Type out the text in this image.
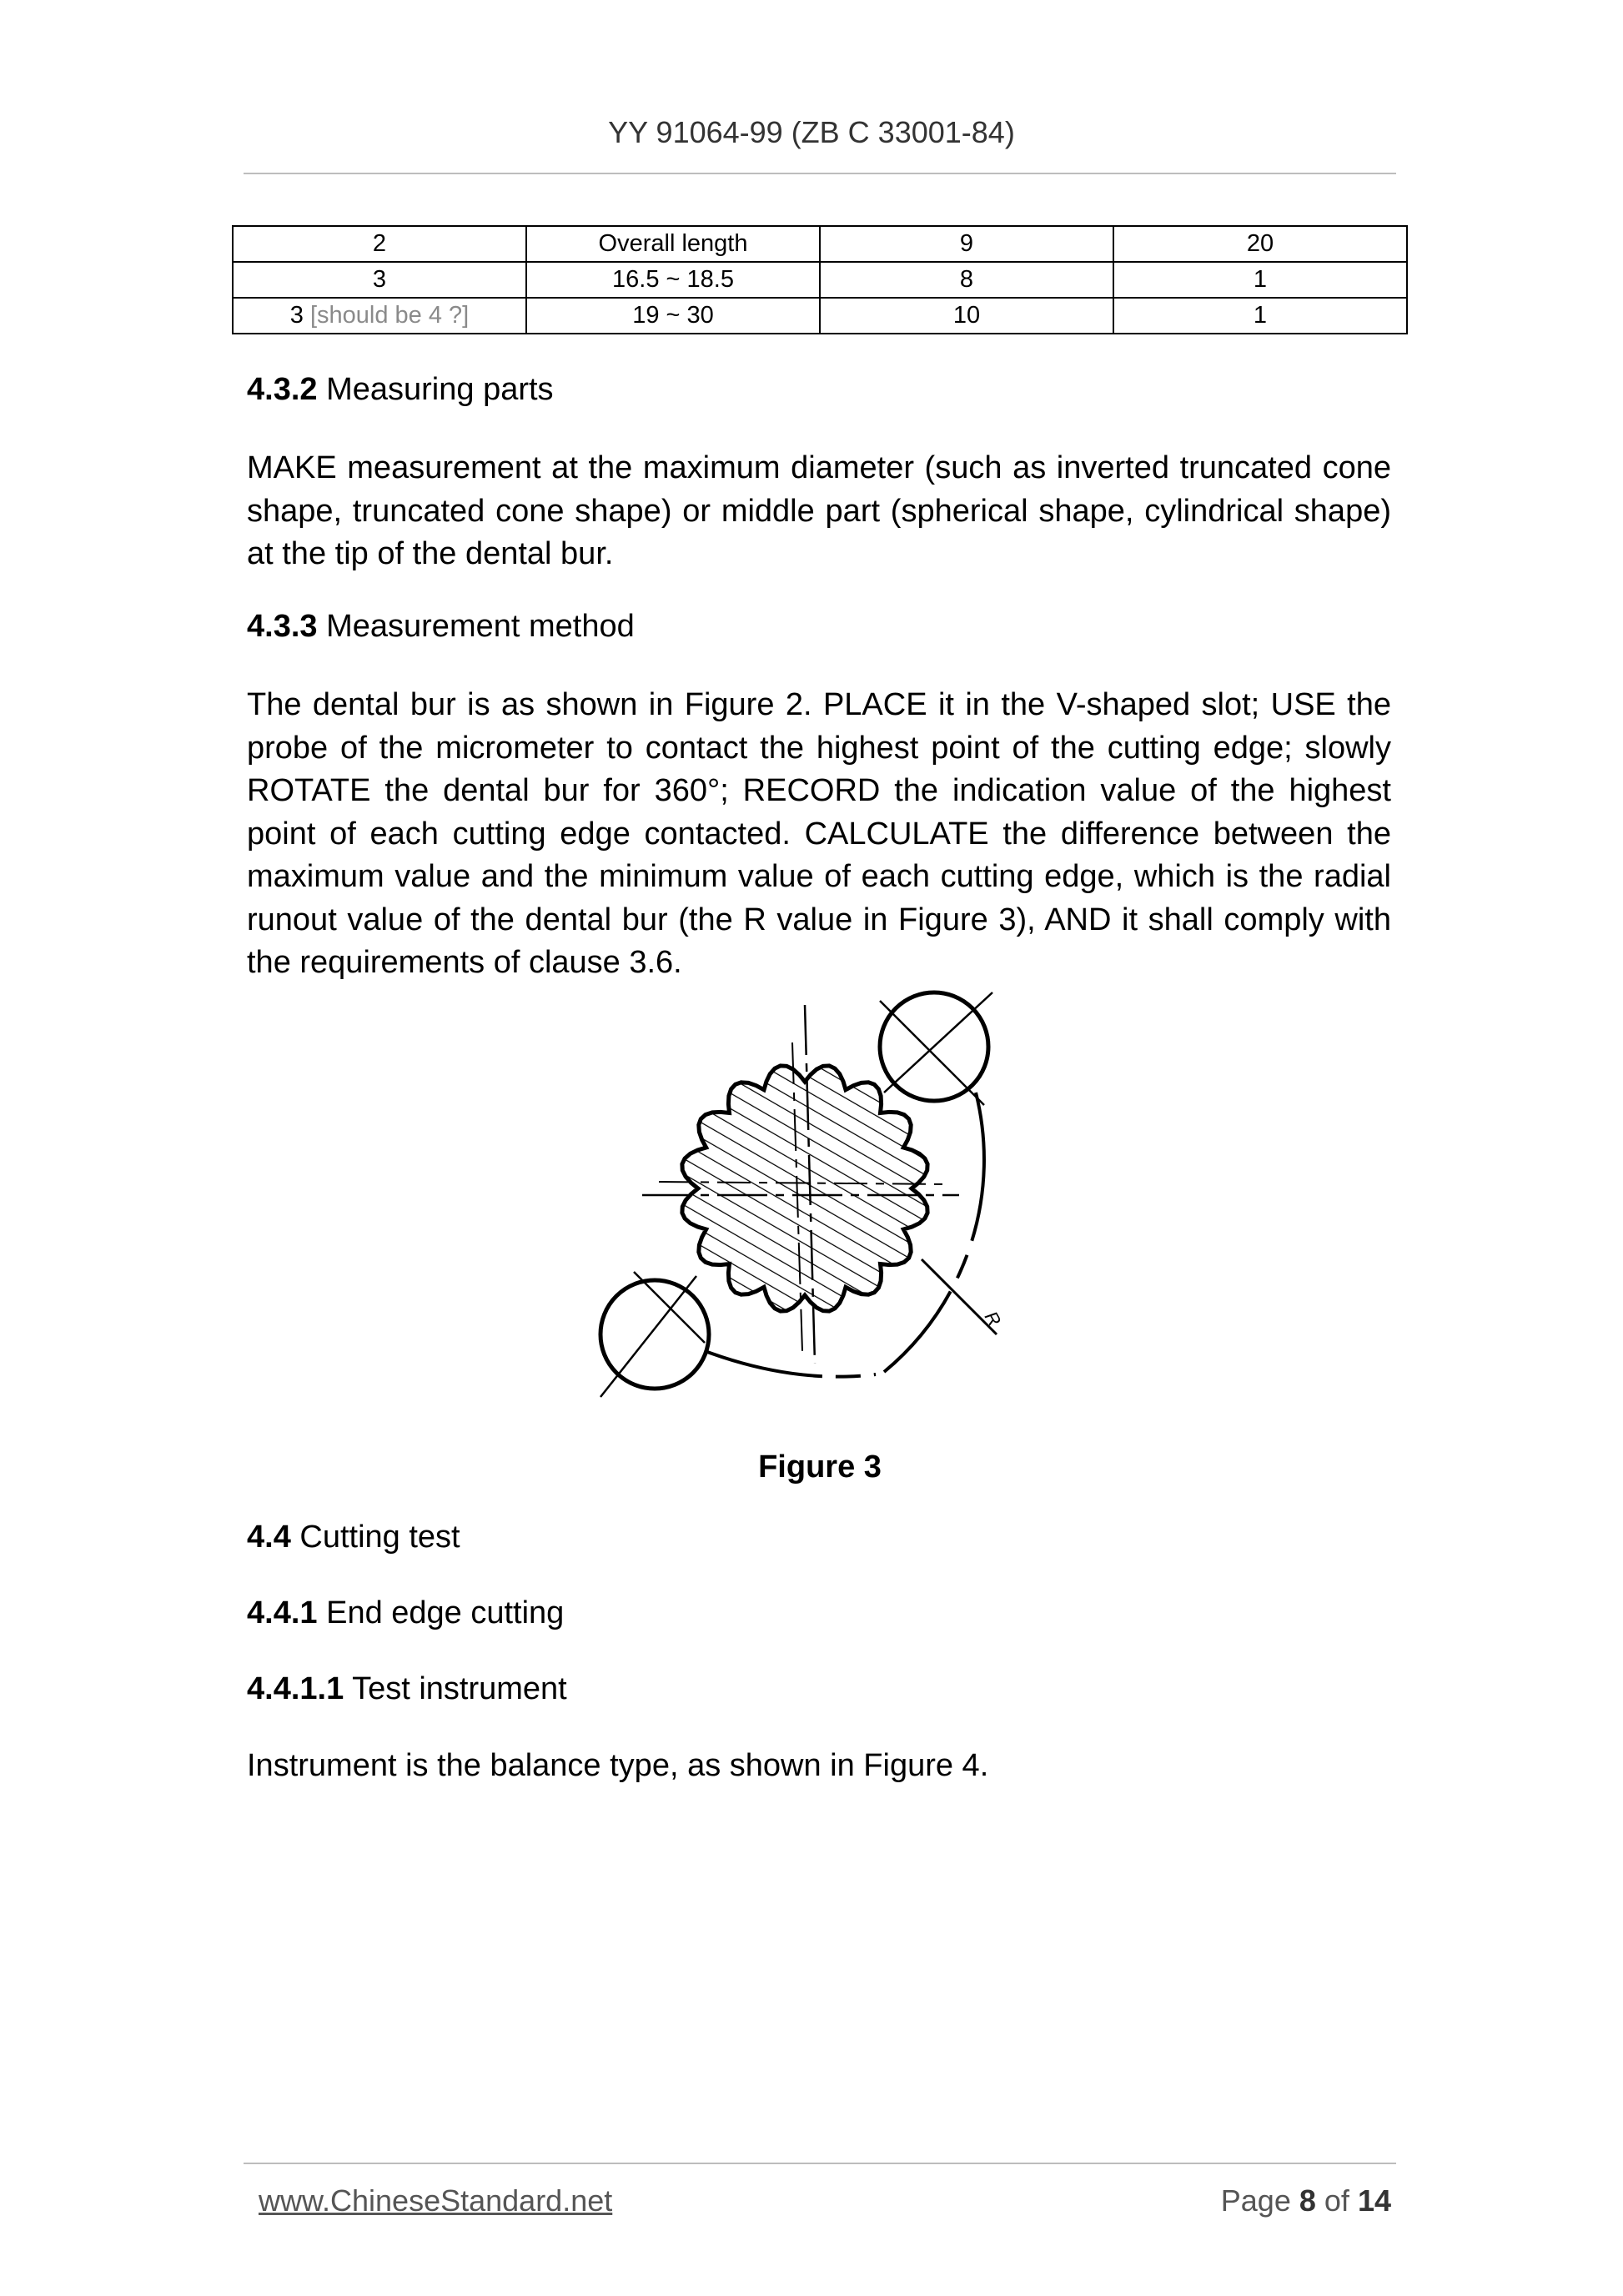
YY 91064-99 (ZB C 33001-84)
2	Overall length	9	20
3	16.5 ~ 18.5	8	1
3 [should be 4 ?]	19 ~ 30	10	1
4.3.2 Measuring parts
MAKE measurement at the maximum diameter (such as inverted truncated cone shape, truncated cone shape) or middle part (spherical shape, cylindrical shape) at the tip of the dental bur.
4.3.3 Measurement method
The dental bur is as shown in Figure 2. PLACE it in the V-shaped slot; USE the probe of the micrometer to contact the highest point of the cutting edge; slowly ROTATE the dental bur for 360°; RECORD the indication value of the highest point of each cutting edge contacted. CALCULATE the difference between the maximum value and the minimum value of each cutting edge, which is the radial runout value of the dental bur (the R value in Figure 3), AND it shall comply with the requirements of clause 3.6.
R
Figure 3
4.4 Cutting test
4.4.1 End edge cutting
4.4.1.1 Test instrument
Instrument is the balance type, as shown in Figure 4.
www.ChineseStandard.net	Page 8 of 14
